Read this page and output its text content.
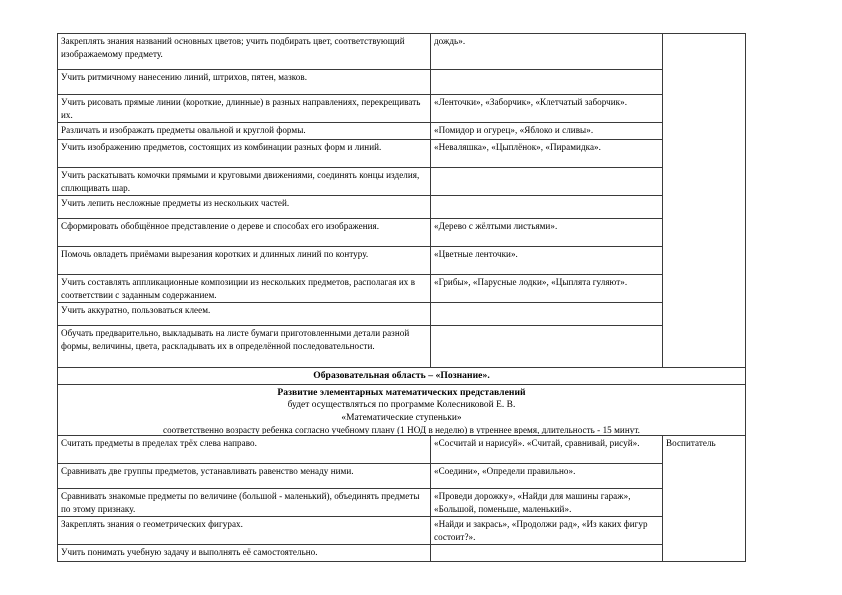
Закреплять знания названий основных цветов; учить подбирать цвет, соответствующий изображаемому предмету.	дождь».	

Учить ритмичному нанесению линий, штрихов, пятен, мазков.		

Учить рисовать прямые линии (короткие, длинные) в разных направлениях, перекрещивать их.	«Ленточки», «Заборчик», «Клетчатый заборчик».	

Различать и изображать предметы овальной и круглой формы.	«Помидор и огурец», «Яблоко и сливы».	

Учить изображению предметов, состоящих из комбинации разных форм и линий.	«Неваляшка», «Цыплёнок», «Пирамидка».	

Учить раскатывать комочки прямыми и круговыми движениями, соединять концы изделия, сплющивать шар.		

Учить лепить несложные предметы из нескольких частей.		

Сформировать обобщённое представление о дереве и способах его изображения.	«Дерево с жёлтыми листьями».	

Помочь овладеть приёмами вырезания коротких и длинных линий по контуру.	«Цветные ленточки».	

Учить составлять аппликационные композиции из нескольких предметов, располагая их в соответствии с заданным содержанием.	«Грибы», «Парусные лодки», «Цыплята гуляют».	

Учить аккуратно, пользоваться клеем.		

Обучать предварительно, выкладывать на листе бумаги приготовленными детали разной формы, величины, цвета, раскладывать их в определённой последовательности.		

Образовательная область – «Познание».		

Развитие элементарных математических представлений
будет осуществляться по программе Колесниковой Е. В.
«Математические ступеньки»
соответственно возрасту ребенка согласно учебному плану (1 НОД в неделю) в утреннее время, длительность - 15 минут.		

Считать предметы в пределах трёх слева направо.	«Сосчитай и нарисуй». «Считай, сравнивай, рисуй».	Воспитатель

Сравнивать две группы предметов, устанавливать равенство менаду ними.	«Соедини», «Определи правильно».	

Сравнивать знакомые предметы по величине (большой - маленький), объединять предметы по этому признаку.	«Проведи дорожку», «Найди для машины гараж», «Большой, поменьше, маленький».	

Закреплять знания о геометрических фигурах.	«Найди и закрась», «Продолжи рад», «Из каких фигур состоит?».	

Учить понимать учебную задачу и выполнять её самостоятельно.		
